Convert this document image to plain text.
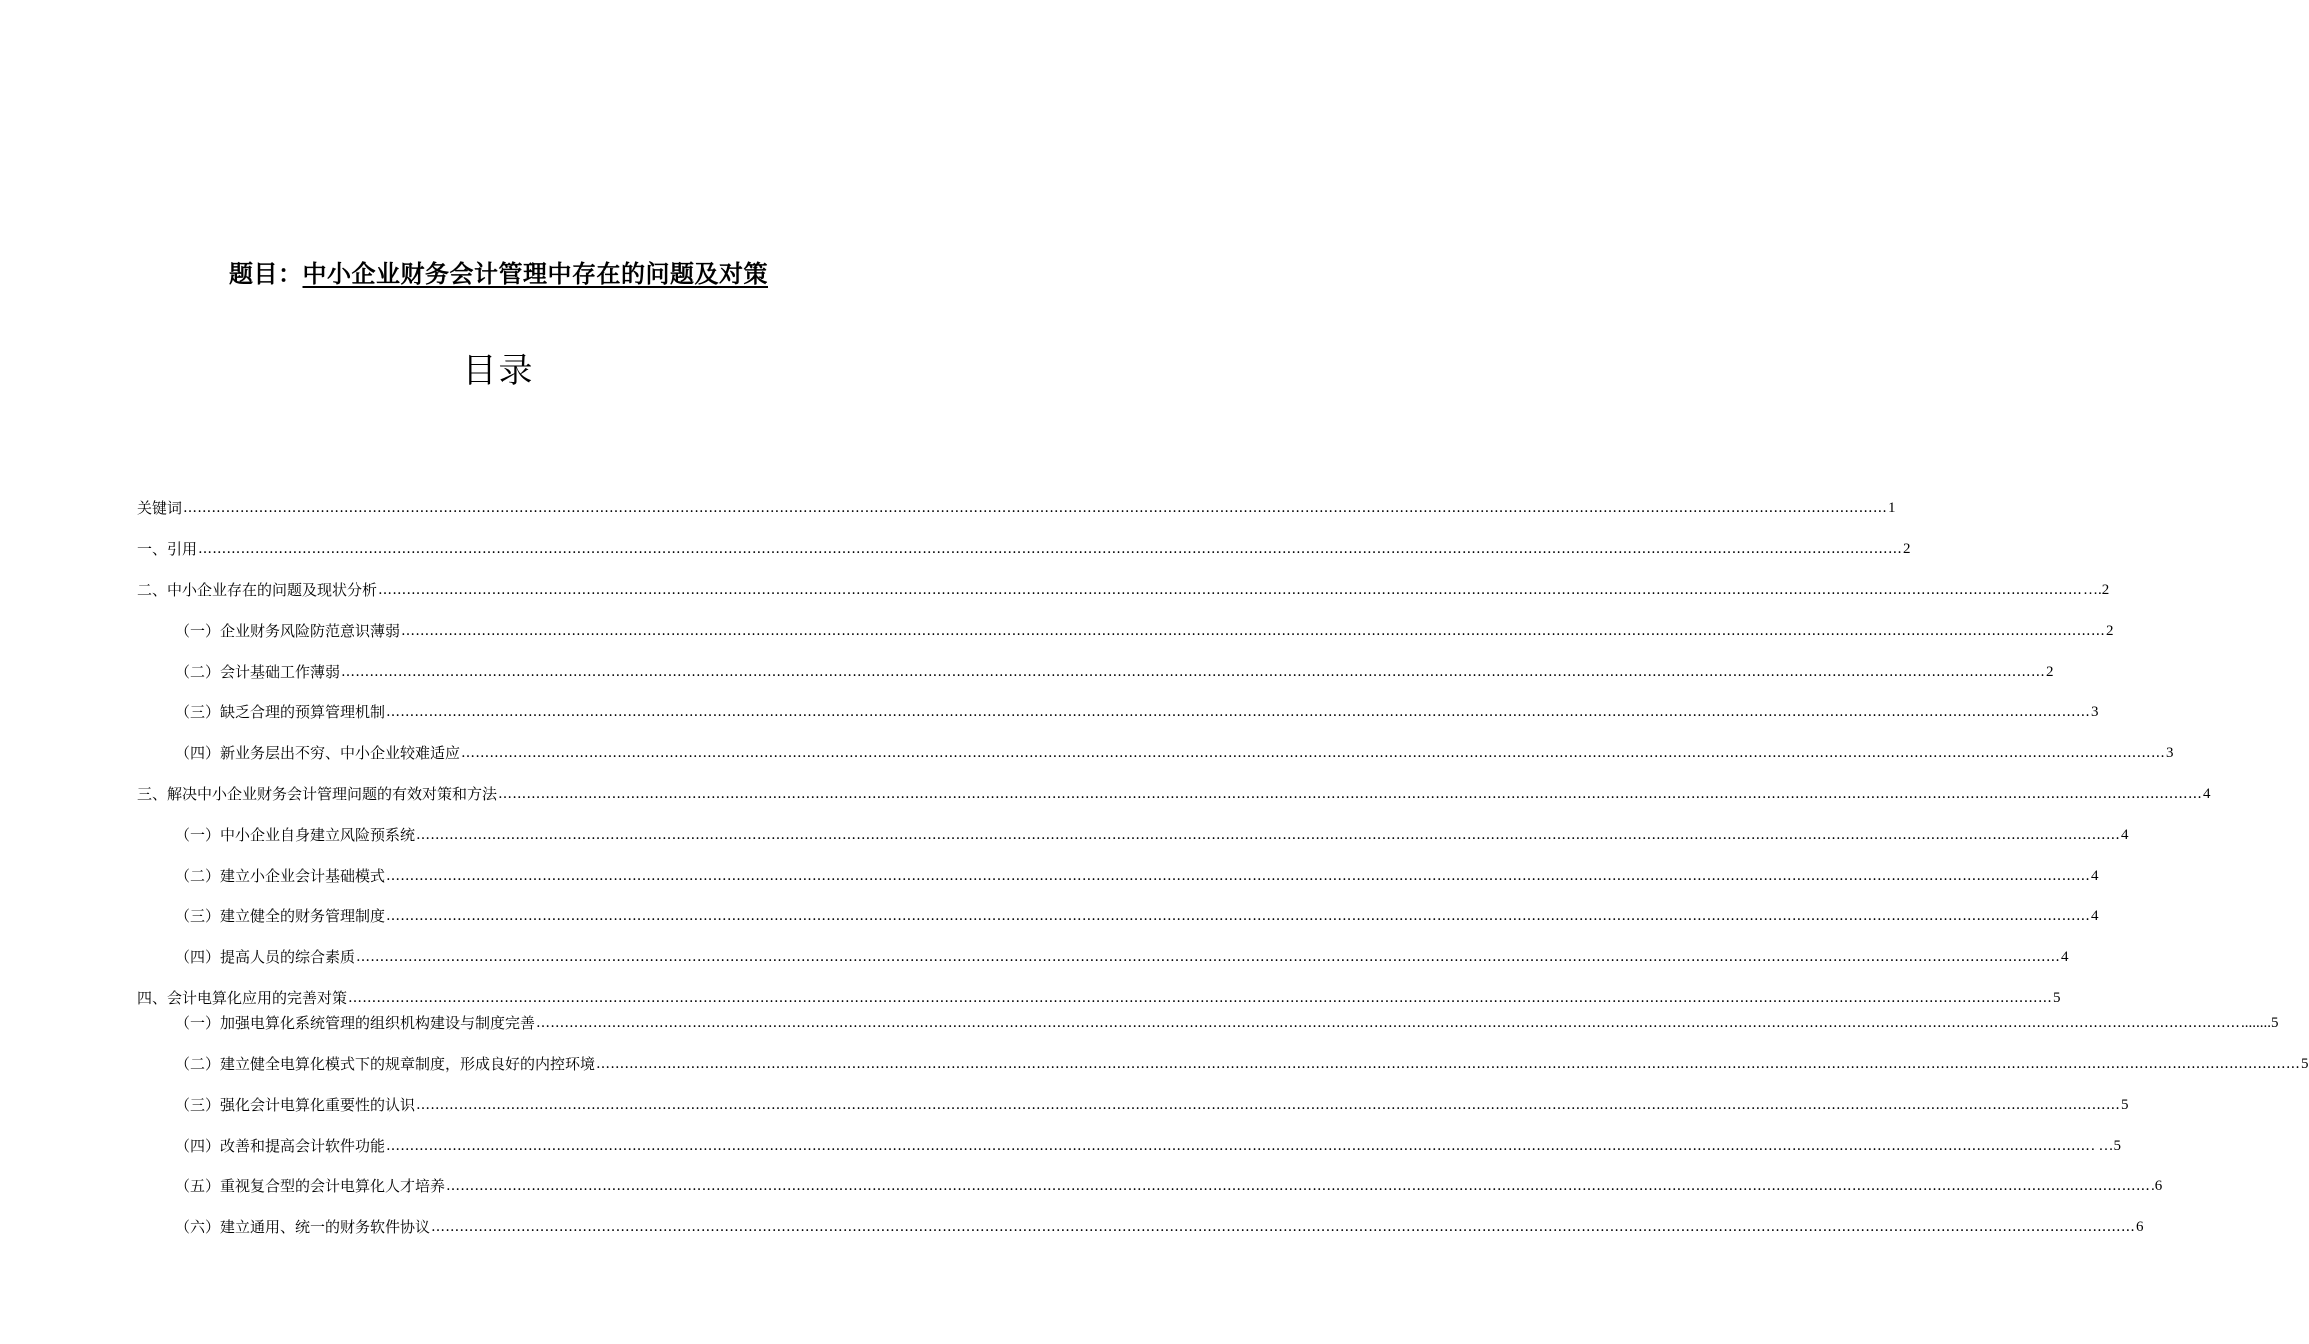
题目：中小企业财务会计管理中存在的问题及对策
目录
关键词 ……………………………………………………………………………………………………………………………………………………………………………………………………………………………………………………………………………………………………………………………… 1
一、引用 ……………………………………………………………………………………………………………………………………………………………………………………………………………………………………………………………………………………………………………………………… 2
二、中小企业存在的问题及现状分析 ……………………………………………………………………………………………………………………………………………………………………………………………………………………………………………………………………………………………………………………………… ….2
（一）企业财务风险防范意识薄弱 ……………………………………………………………………………………………………………………………………………………………………………………………………………………………………………………………………………………………………………………………… 2
（二）会计基础工作薄弱 ……………………………………………………………………………………………………………………………………………………………………………………………………………………………………………………………………………………………………………………………… 2
（三）缺乏合理的预算管理机制 ……………………………………………………………………………………………………………………………………………………………………………………………………………………………………………………………………………………………………………………………… 3
（四）新业务层出不穷、中小企业较难适应 ……………………………………………………………………………………………………………………………………………………………………………………………………………………………………………………………………………………………………………………………… 3
三、解决中小企业财务会计管理问题的有效对策和方法 ……………………………………………………………………………………………………………………………………………………………………………………………………………………………………………………………………………………………………………………………… 4
（一）中小企业自身建立风险预系统 ……………………………………………………………………………………………………………………………………………………………………………………………………………………………………………………………………………………………………………………………… 4
（二）建立小企业会计基础模式 ……………………………………………………………………………………………………………………………………………………………………………………………………………………………………………………………………………………………………………………………… 4
（三）建立健全的财务管理制度 ……………………………………………………………………………………………………………………………………………………………………………………………………………………………………………………………………………………………………………………………… 4
（四）提高人员的综合素质 ……………………………………………………………………………………………………………………………………………………………………………………………………………………………………………………………………………………………………………………………… 4
四、会计电算化应用的完善对策 ……………………………………………………………………………………………………………………………………………………………………………………………………………………………………………………………………………………………………………………………… 5
（一）加强电算化系统管理的组织机构建设与制度完善 ……………………………………………………………………………………………………………………………………………………………………………………………………………………………………………………………………………………………………………………………… ........5
（二）建立健全电算化模式下的规章制度，形成良好的内控环境 ……………………………………………………………………………………………………………………………………………………………………………………………………………………………………………………………………………………………………………………………… 5
（三）强化会计电算化重要性的认识 ……………………………………………………………………………………………………………………………………………………………………………………………………………………………………………………………………………………………………………………………… 5
（四）改善和提高会计软件功能 ……………………………………………………………………………………………………………………………………………………………………………………………………………………………………………………………………………………………………………………………… . …5
（五）重视复合型的会计电算化人才培养 ……………………………………………………………………………………………………………………………………………………………………………………………………………………………………………………………………………………………………………………………… .6
（六）建立通用、统一的财务软件协议 ……………………………………………………………………………………………………………………………………………………………………………………………………………………………………………………………………………………………………………………………… 6
